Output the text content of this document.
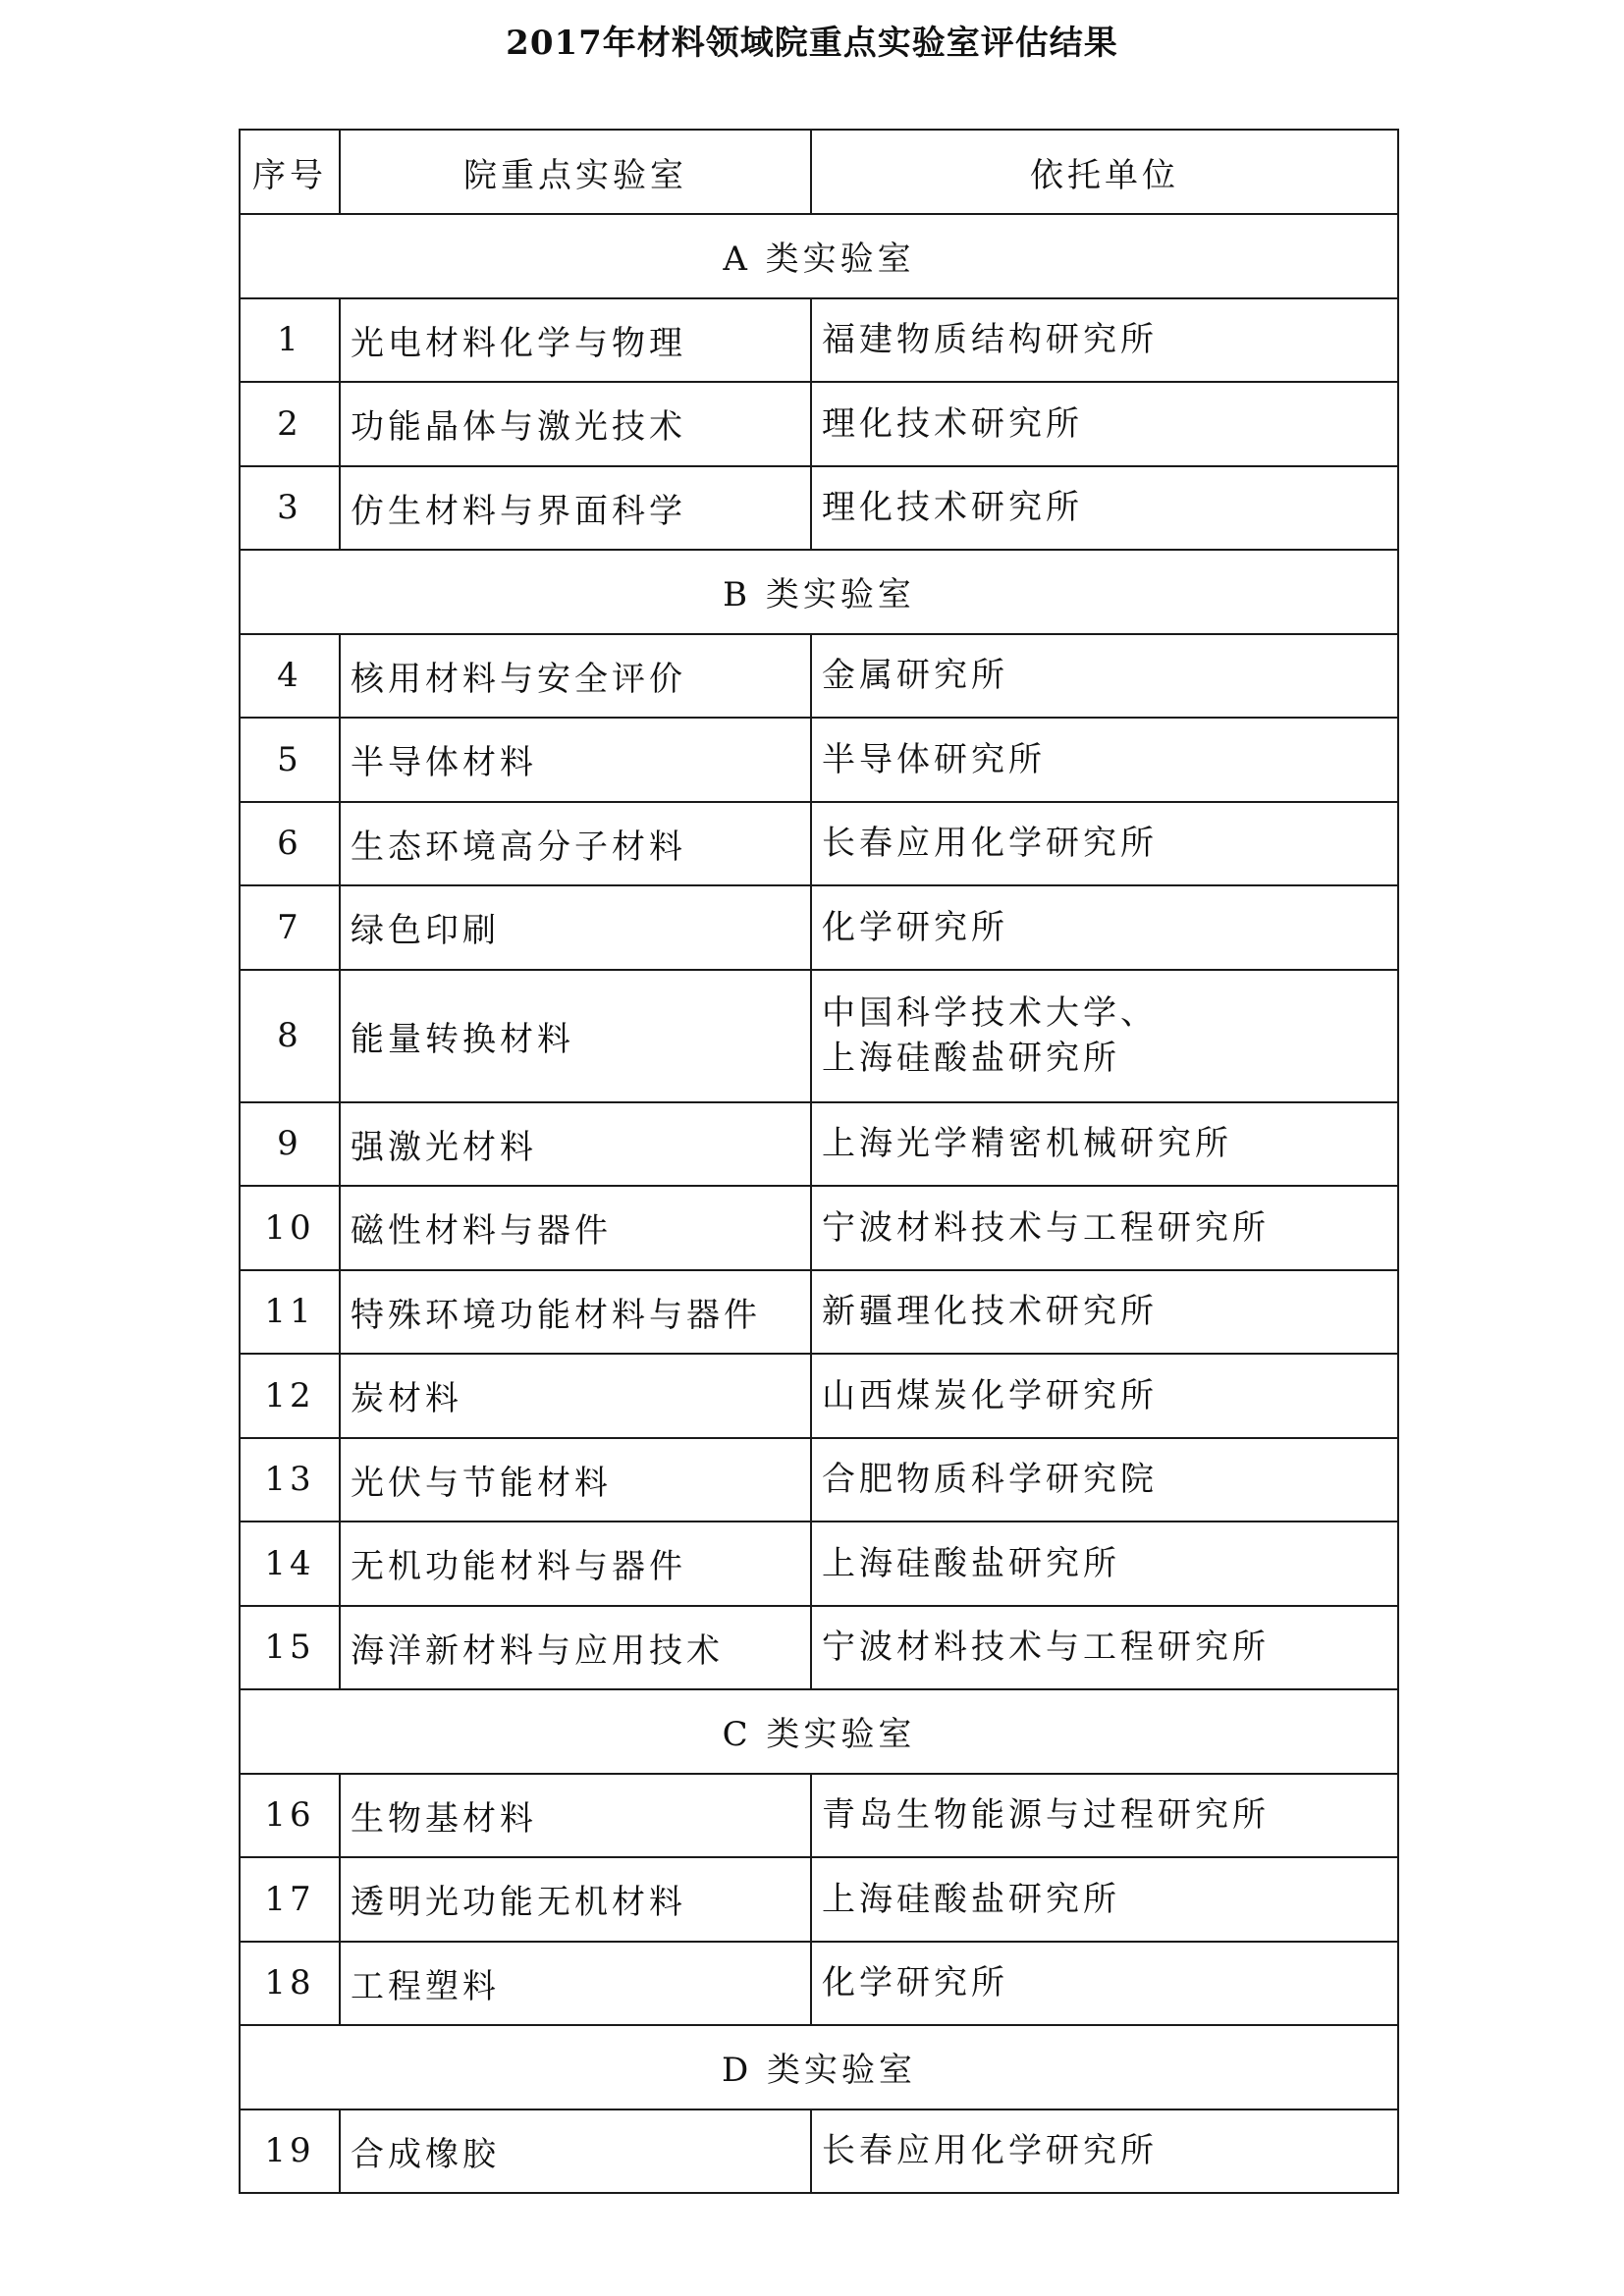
2017年材料领域院重点实验室评估结果
序号	院重点实验室	依托单位
A 类实验室		
1	光电材料化学与物理	福建物质结构研究所

2	功能晶体与激光技术	理化技术研究所

3	仿生材料与界面科学	理化技术研究所

B 类实验室		
4	核用材料与安全评价	金属研究所

5	半导体材料	半导体研究所

6	生态环境高分子材料	长春应用化学研究所

7	绿色印刷	化学研究所

8	能量转换材料	中国科学技术大学、
上海硅酸盐研究所

9	强激光材料	上海光学精密机械研究所

10	磁性材料与器件	宁波材料技术与工程研究所

11	特殊环境功能材料与器件	新疆理化技术研究所

12	炭材料	山西煤炭化学研究所

13	光伏与节能材料	合肥物质科学研究院

14	无机功能材料与器件	上海硅酸盐研究所

15	海洋新材料与应用技术	宁波材料技术与工程研究所

C 类实验室		
16	生物基材料	青岛生物能源与过程研究所

17	透明光功能无机材料	上海硅酸盐研究所

18	工程塑料	化学研究所

D 类实验室		
19	合成橡胶	长春应用化学研究所
